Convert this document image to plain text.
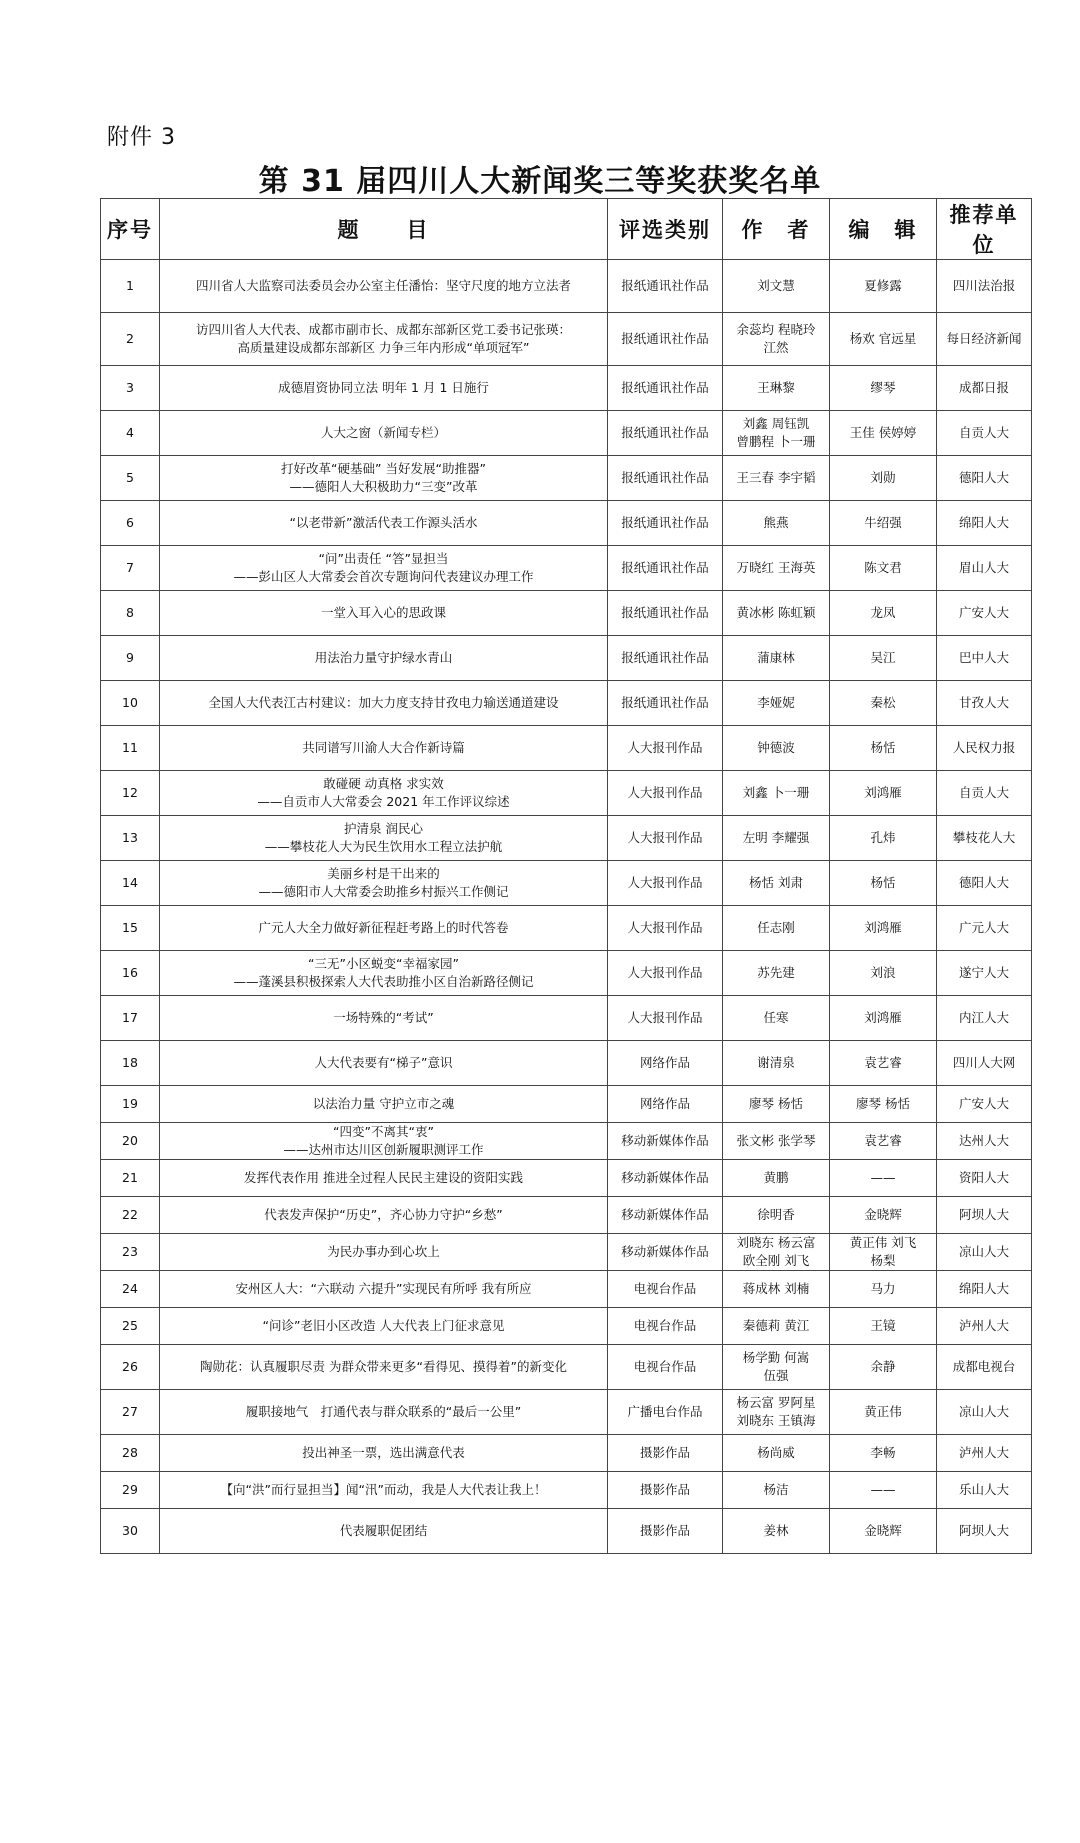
附件 3
第 31 届四川人大新闻奖三等奖获奖名单
序号	题　　目	评选类别	作　者	编　辑	推荐单位
1	四川省人大监察司法委员会办公室主任潘怡：坚守尺度的地方立法者	报纸通讯社作品	刘文慧	夏修露	四川法治报
2	访四川省人大代表、成都市副市长、成都东部新区党工委书记张瑛：
高质量建设成都东部新区 力争三年内形成“单项冠军”	报纸通讯社作品	余蕊均 程晓玲
江然	杨欢 官远星	每日经济新闻
3	成德眉资协同立法 明年 1 月 1 日施行	报纸通讯社作品	王琳黎	缪琴	成都日报
4	人大之窗（新闻专栏）	报纸通讯社作品	刘鑫 周钰凯
曾鹏程 卜一珊	王佳 侯婷婷	自贡人大
5	打好改革“硬基础” 当好发展“助推器”
——德阳人大积极助力“三变”改革	报纸通讯社作品	王三春 李宇韬	刘勋	德阳人大
6	“以老带新”激活代表工作源头活水	报纸通讯社作品	熊燕	牛绍强	绵阳人大
7	“问”出责任 “答”显担当
——彭山区人大常委会首次专题询问代表建议办理工作	报纸通讯社作品	万晓红 王海英	陈文君	眉山人大
8	一堂入耳入心的思政课	报纸通讯社作品	黄冰彬 陈虹颖	龙凤	广安人大
9	用法治力量守护绿水青山	报纸通讯社作品	蒲康林	吴江	巴中人大
10	全国人大代表江古村建议：加大力度支持甘孜电力输送通道建设	报纸通讯社作品	李娅妮	秦松	甘孜人大
11	共同谱写川渝人大合作新诗篇	人大报刊作品	钟德波	杨恬	人民权力报
12	敢碰硬 动真格 求实效
——自贡市人大常委会 2021 年工作评议综述	人大报刊作品	刘鑫 卜一珊	刘鸿雁	自贡人大
13	护清泉 润民心
——攀枝花人大为民生饮用水工程立法护航	人大报刊作品	左明 李耀强	孔炜	攀枝花人大
14	美丽乡村是干出来的
——德阳市人大常委会助推乡村振兴工作侧记	人大报刊作品	杨恬 刘肃	杨恬	德阳人大
15	广元人大全力做好新征程赶考路上的时代答卷	人大报刊作品	任志刚	刘鸿雁	广元人大
16	“三无”小区蜕变“幸福家园”
——蓬溪县积极探索人大代表助推小区自治新路径侧记	人大报刊作品	苏先建	刘浪	遂宁人大
17	一场特殊的“考试”	人大报刊作品	任寒	刘鸿雁	内江人大
18	人大代表要有“梯子”意识	网络作品	谢清泉	袁艺睿	四川人大网
19	以法治力量 守护立市之魂	网络作品	廖琴 杨恬	廖琴 杨恬	广安人大
20	“四变”不离其“衷”
——达州市达川区创新履职测评工作	移动新媒体作品	张文彬 张学琴	袁艺睿	达州人大
21	发挥代表作用 推进全过程人民民主建设的资阳实践	移动新媒体作品	黄鹏	——	资阳人大
22	代表发声保护“历史”，齐心协力守护“乡愁”	移动新媒体作品	徐明香	金晓辉	阿坝人大
23	为民办事办到心坎上	移动新媒体作品	刘晓东 杨云富
欧全刚 刘飞	黄正伟 刘飞
杨梨	凉山人大
24	安州区人大：“六联动 六提升”实现民有所呼 我有所应	电视台作品	蒋成林 刘楠	马力	绵阳人大
25	“问诊”老旧小区改造 人大代表上门征求意见	电视台作品	秦德莉 黄江	王镜	泸州人大
26	陶勋花：认真履职尽责 为群众带来更多“看得见、摸得着”的新变化	电视台作品	杨学勤 何嵩
伍强	余静	成都电视台
27	履职接地气　打通代表与群众联系的“最后一公里”	广播电台作品	杨云富 罗阿星
刘晓东 王镇海	黄正伟	凉山人大
28	投出神圣一票，选出满意代表	摄影作品	杨尚威	李畅	泸州人大
29	【向“洪”而行显担当】闻“汛”而动，我是人大代表让我上！	摄影作品	杨洁	——	乐山人大
30	代表履职促团结	摄影作品	姜林	金晓辉	阿坝人大
